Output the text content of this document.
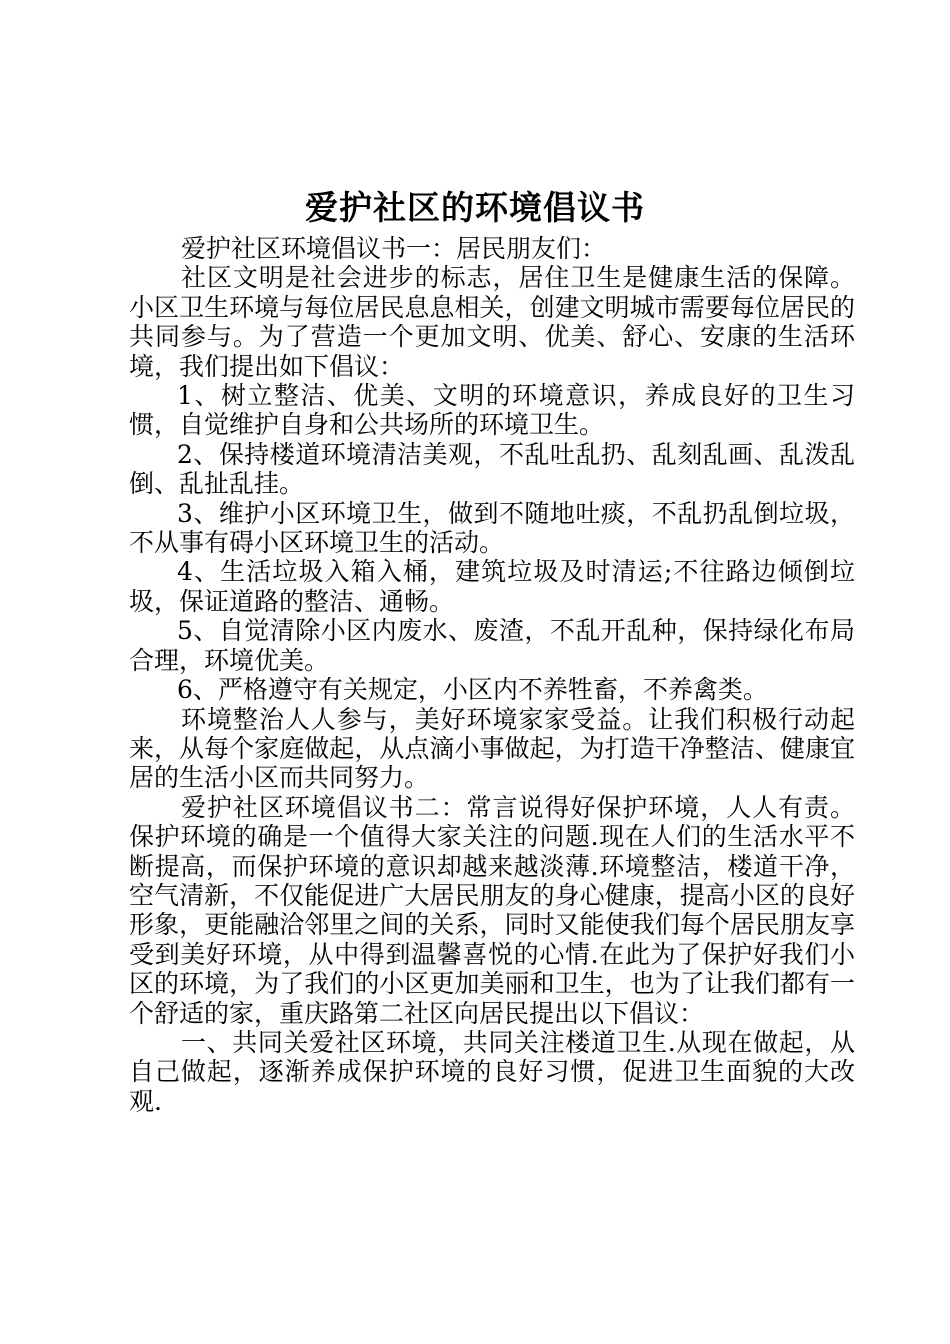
爱护社区的环境倡议书

爱护社区环境倡议书一：居民朋友们：

社区文明是社会进步的标志，居住卫生是健康生活的保障。小区卫生环境与每位居民息息相关，创建文明城市需要每位居民的共同参与。为了营造一个更加文明、优美、舒心、安康的生活环境，我们提出如下倡议：

1、树立整洁、优美、文明的环境意识，养成良好的卫生习惯，自觉维护自身和公共场所的环境卫生。

2、保持楼道环境清洁美观，不乱吐乱扔、乱刻乱画、乱泼乱倒、乱扯乱挂。

3、维护小区环境卫生，做到不随地吐痰，不乱扔乱倒垃圾，不从事有碍小区环境卫生的活动。

4、生活垃圾入箱入桶，建筑垃圾及时清运;不往路边倾倒垃圾，保证道路的整洁、通畅。

5、自觉清除小区内废水、废渣，不乱开乱种，保持绿化布局合理，环境优美。

6、严格遵守有关规定，小区内不养牲畜，不养禽类。

环境整治人人参与，美好环境家家受益。让我们积极行动起来，从每个家庭做起，从点滴小事做起，为打造干净整洁、健康宜居的生活小区而共同努力。

爱护社区环境倡议书二：常言说得好保护环境，人人有责。保护环境的确是一个值得大家关注的问题.现在人们的生活水平不断提高，而保护环境的意识却越来越淡薄.环境整洁，楼道干净，空气清新，不仅能促进广大居民朋友的身心健康，提高小区的良好形象，更能融洽邻里之间的关系，同时又能使我们每个居民朋友享受到美好环境，从中得到温馨喜悦的心情.在此为了保护好我们小区的环境，为了我们的小区更加美丽和卫生，也为了让我们都有一个舒适的家，重庆路第二社区向居民提出以下倡议：

一、共同关爱社区环境，共同关注楼道卫生.从现在做起，从自己做起，逐渐养成保护环境的良好习惯，促进卫生面貌的大改观.
